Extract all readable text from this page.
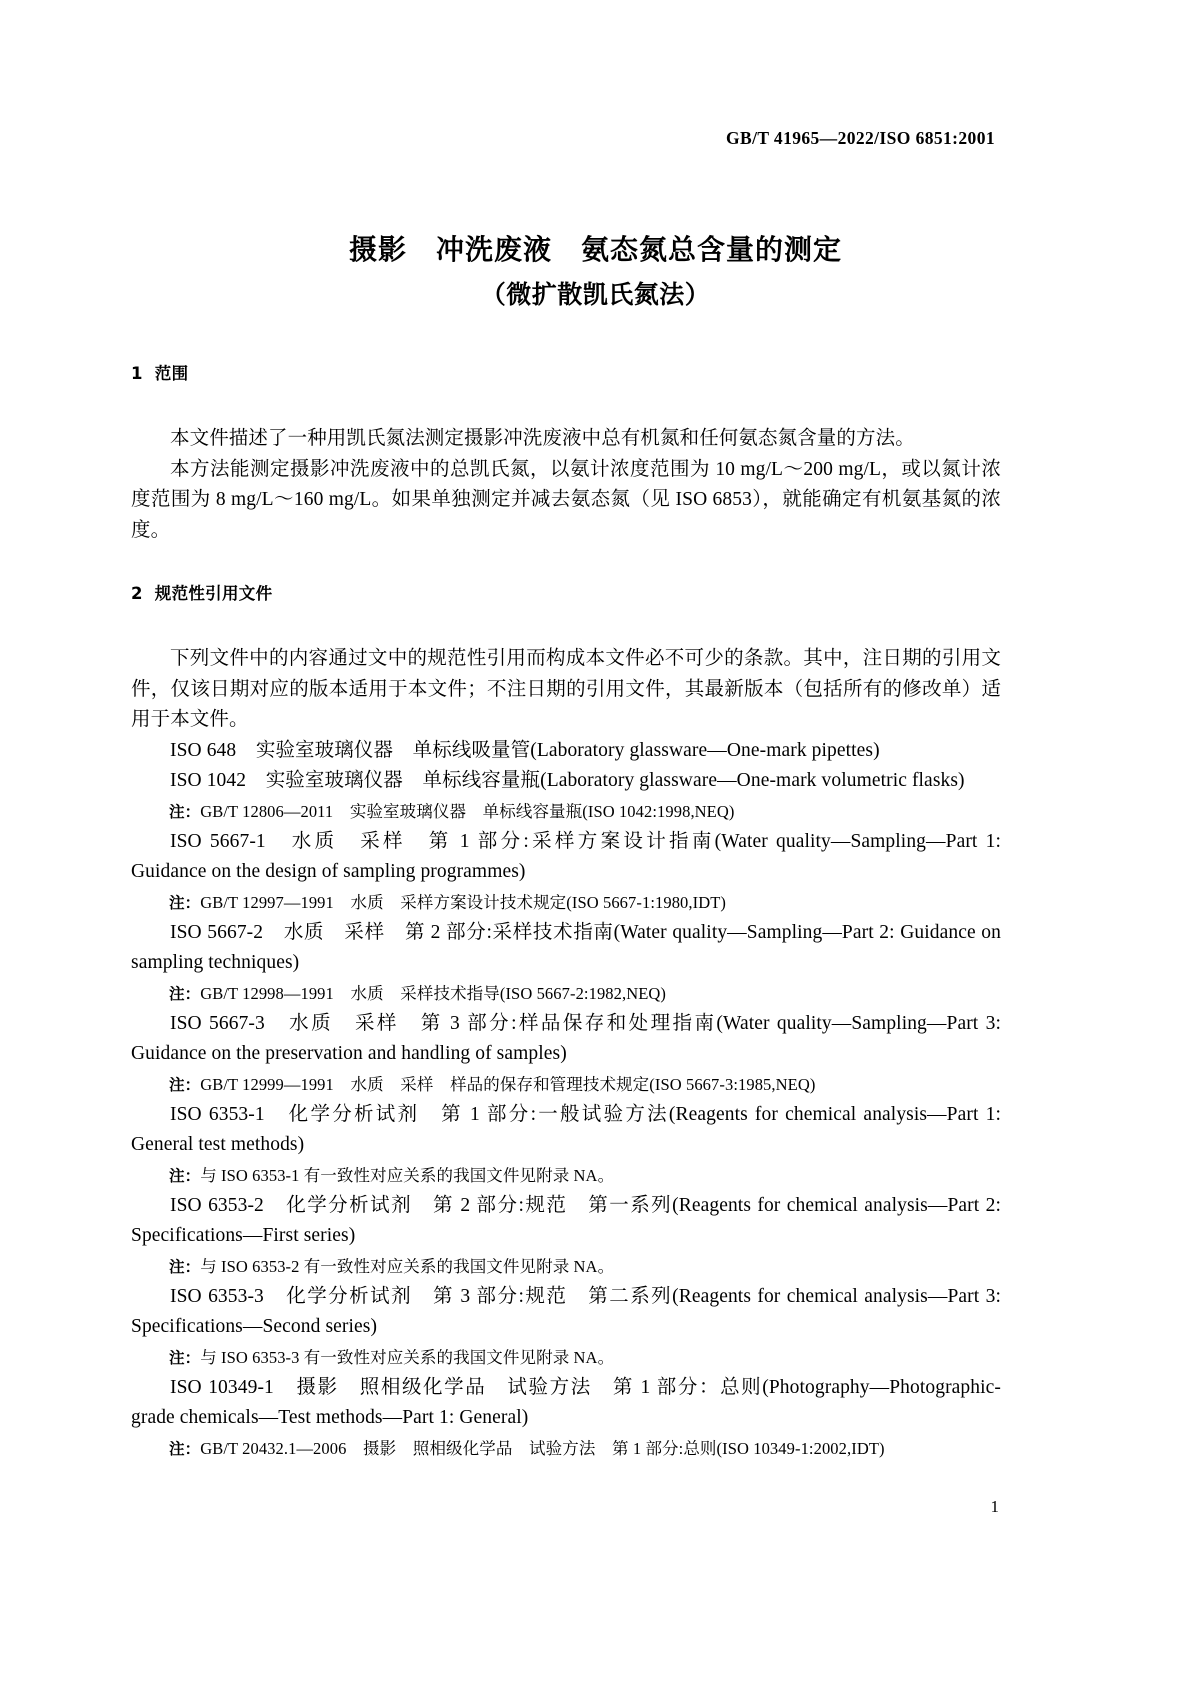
GB/T 41965—2022/ISO 6851:2001
摄影　冲洗废液　氨态氮总含量的测定
（微扩散凯氏氮法）
1 范围

本文件描述了一种用凯氏氮法测定摄影冲洗废液中总有机氮和任何氨态氮含量的方法。

本方法能测定摄影冲洗废液中的总凯氏氮，以氨计浓度范围为 10 mg/L～200 mg/L，或以氮计浓度范围为 8 mg/L～160 mg/L。如果单独测定并减去氨态氮（见 ISO 6853），就能确定有机氨基氮的浓度。

2 规范性引用文件

下列文件中的内容通过文中的规范性引用而构成本文件必不可少的条款。其中，注日期的引用文件，仅该日期对应的版本适用于本文件；不注日期的引用文件，其最新版本（包括所有的修改单）适用于本文件。

ISO 648　实验室玻璃仪器　单标线吸量管(Laboratory glassware—One-mark pipettes)

ISO 1042　实验室玻璃仪器　单标线容量瓶(Laboratory glassware—One-mark volumetric flasks)

注：GB/T 12806—2011　实验室玻璃仪器　单标线容量瓶(ISO 1042:1998,NEQ)

ISO 5667-1　水质　采样　第 1 部分:采样方案设计指南(Water quality—Sampling—Part 1: Guidance on the design of sampling programmes)

注：GB/T 12997—1991　水质　采样方案设计技术规定(ISO 5667-1:1980,IDT)

ISO 5667-2　水质　采样　第 2 部分:采样技术指南(Water quality—Sampling—Part 2: Guidance on sampling techniques)

注：GB/T 12998—1991　水质　采样技术指导(ISO 5667-2:1982,NEQ)

ISO 5667-3　水质　采样　第 3 部分:样品保存和处理指南(Water quality—Sampling—Part 3: Guidance on the preservation and handling of samples)

注：GB/T 12999—1991　水质　采样　样品的保存和管理技术规定(ISO 5667-3:1985,NEQ)

ISO 6353-1　化学分析试剂　第 1 部分:一般试验方法(Reagents for chemical analysis—Part 1: General test methods)

注：与 ISO 6353-1 有一致性对应关系的我国文件见附录 NA。

ISO 6353-2　化学分析试剂　第 2 部分:规范　第一系列(Reagents for chemical analysis—Part 2: Specifications—First series)

注：与 ISO 6353-2 有一致性对应关系的我国文件见附录 NA。

ISO 6353-3　化学分析试剂　第 3 部分:规范　第二系列(Reagents for chemical analysis—Part 3: Specifications—Second series)

注：与 ISO 6353-3 有一致性对应关系的我国文件见附录 NA。

ISO 10349-1　摄影　照相级化学品　试验方法　第 1 部分：总则(Photography—Photographic-grade chemicals—Test methods—Part 1: General)

注：GB/T 20432.1—2006　摄影　照相级化学品　试验方法　第 1 部分:总则(ISO 10349-1:2002,IDT)

1
